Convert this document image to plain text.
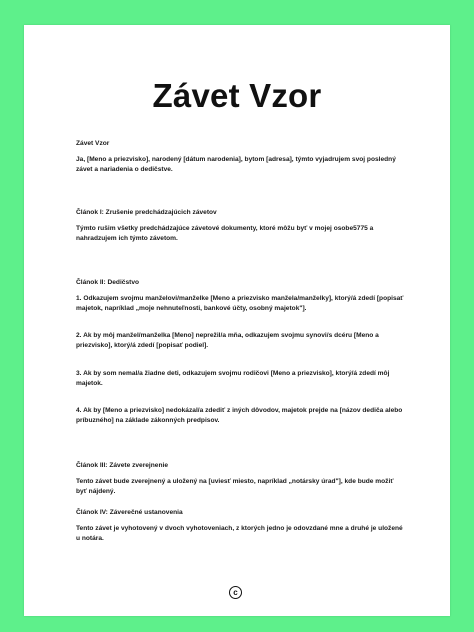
Závet Vzor
Závet Vzor
Ja, [Meno a priezvisko], narodený [dátum narodenia], bytom [adresa], týmto vyjadrujem svoj posledný závet a nariadenia o dedičstve.
Článok I: Zrušenie predchádzajúcich závetov
Týmto rušim všetky predchádzajúce závetové dokumenty, ktoré môžu byť v mojej osobe5775 a nahradzujem ich týmto závetom.
Článok II: Dedičstvo
1. Odkazujem svojmu manželovi/manželke [Meno a priezvisko manžela/manželky], ktorý/á zdedí [popisať majetok, napríklad „moje nehnuteľnosti, bankové účty, osobný majetok"].
2. Ak by môj manžel/manželka [Meno] neprežil/a mňa, odkazujem svojmu synovi/s dcéru [Meno a priezvisko], ktorý/á zdedí [popisať podiel].
3. Ak by som nemal/a žiadne deti, odkazujem svojmu rodičovi [Meno a priezvisko], ktorý/á zdedí môj majetok.
4. Ak by [Meno a priezvisko] nedokázal/a zdediť z iných dôvodov, majetok prejde na [názov dediča alebo príbuzného] na základe zákonných predpisov.
Článok III: Závete zverejnenie
Tento závet bude zverejnený a uložený na [uviesť miesto, napríklad „notársky úrad"], kde bude možiť byť nájdený.
Článok IV: Záverečné ustanovenia
Tento závet je vyhotovený v dvoch vyhotoveniach, z ktorých jedno je odovzdané mne a druhé je uložené u notára.
c
